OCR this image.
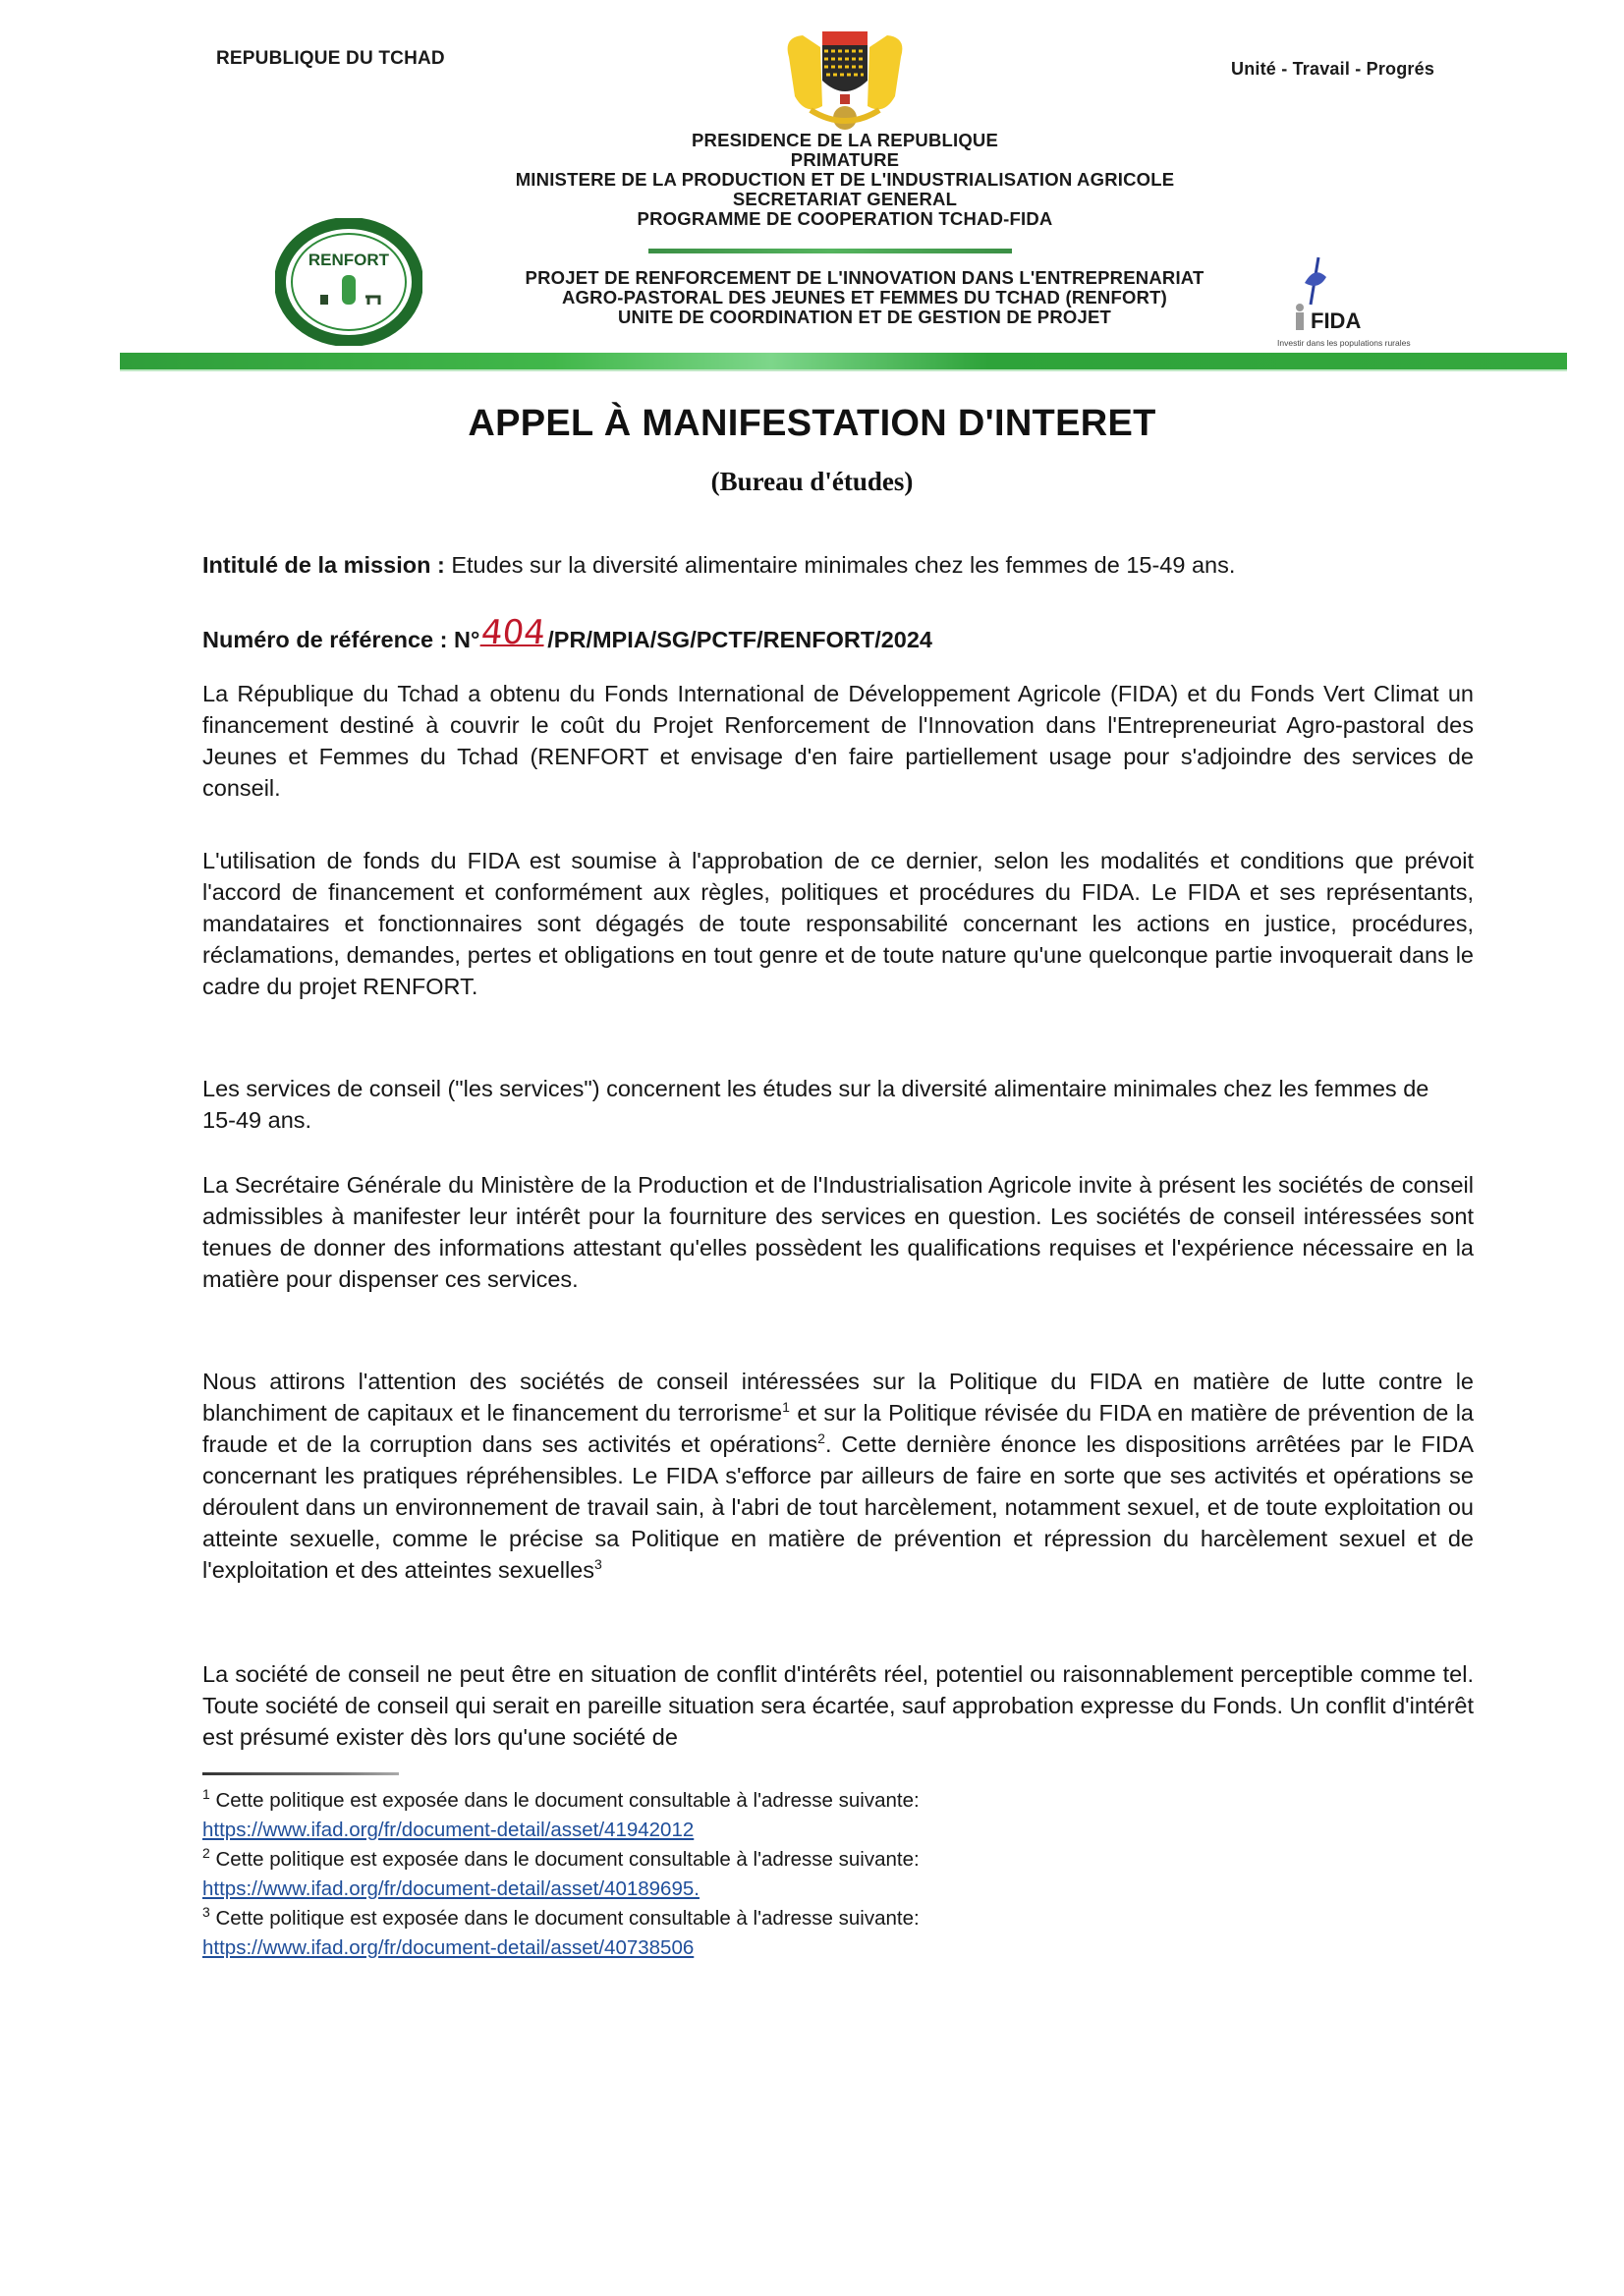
REPUBLIQUE DU TCHAD	Unité - Travail - Progrés
PRESIDENCE DE LA REPUBLIQUE
PRIMATURE
MINISTERE DE LA PRODUCTION ET DE L'INDUSTRIALISATION AGRICOLE
SECRETARIAT GENERAL
PROGRAMME DE COOPERATION TCHAD-FIDA
RENFORT
PROJET DE RENFORCEMENT DE L'INNOVATION DANS L'ENTREPRENARIAT
AGRO-PASTORAL DES JEUNES ET FEMMES DU TCHAD (RENFORT)
UNITE DE COORDINATION ET DE GESTION DE PROJET	FIDA
Investir dans les populations rurales
APPEL À MANIFESTATION D'INTERET
(Bureau d'études)
Intitulé de la mission : Etudes sur la diversité alimentaire minimales chez les femmes de 15-49 ans.
Numéro de référence : N°404/PR/MPIA/SG/PCTF/RENFORT/2024
La République du Tchad a obtenu du Fonds International de Développement Agricole (FIDA) et du Fonds Vert Climat un financement destiné à couvrir le coût du Projet Renforcement de l'Innovation dans l'Entrepreneuriat Agro-pastoral des Jeunes et Femmes du Tchad (RENFORT et envisage d'en faire partiellement usage pour s'adjoindre des services de conseil.
L'utilisation de fonds du FIDA est soumise à l'approbation de ce dernier, selon les modalités et conditions que prévoit l'accord de financement et conformément aux règles, politiques et procédures du FIDA. Le FIDA et ses représentants, mandataires et fonctionnaires sont dégagés de toute responsabilité concernant les actions en justice, procédures, réclamations, demandes, pertes et obligations en tout genre et de toute nature qu'une quelconque partie invoquerait dans le cadre du projet RENFORT.
Les services de conseil ("les services") concernent les études sur la diversité alimentaire minimales chez les femmes de 15-49 ans.
La Secrétaire Générale du Ministère de la Production et de l'Industrialisation Agricole invite à présent les sociétés de conseil admissibles à manifester leur intérêt pour la fourniture des services en question. Les sociétés de conseil intéressées sont tenues de donner des informations attestant qu'elles possèdent les qualifications requises et l'expérience nécessaire en la matière pour dispenser ces services.
Nous attirons l'attention des sociétés de conseil intéressées sur la Politique du FIDA en matière de lutte contre le blanchiment de capitaux et le financement du terrorisme$^1$ et sur la Politique révisée du FIDA en matière de prévention de la fraude et de la corruption dans ses activités et opérations$^2$. Cette dernière énonce les dispositions arrêtées par le FIDA concernant les pratiques répréhensibles. Le FIDA s'efforce par ailleurs de faire en sorte que ses activités et opérations se déroulent dans un environnement de travail sain, à l'abri de tout harcèlement, notamment sexuel, et de toute exploitation ou atteinte sexuelle, comme le précise sa Politique en matière de prévention et répression du harcèlement sexuel et de l'exploitation et des atteintes sexuelles$^3$
La société de conseil ne peut être en situation de conflit d'intérêts réel, potentiel ou raisonnablement perceptible comme tel. Toute société de conseil qui serait en pareille situation sera écartée, sauf approbation expresse du Fonds. Un conflit d'intérêt est présumé exister dès lors qu'une société de
$^1$ Cette politique est exposée dans le document consultable à l'adresse suivante:
https://www.ifad.org/fr/document-detail/asset/41942012
$^2$ Cette politique est exposée dans le document consultable à l'adresse suivante:
https://www.ifad.org/fr/document-detail/asset/40189695.
$^3$ Cette politique est exposée dans le document consultable à l'adresse suivante:
https://www.ifad.org/fr/document-detail/asset/40738506
